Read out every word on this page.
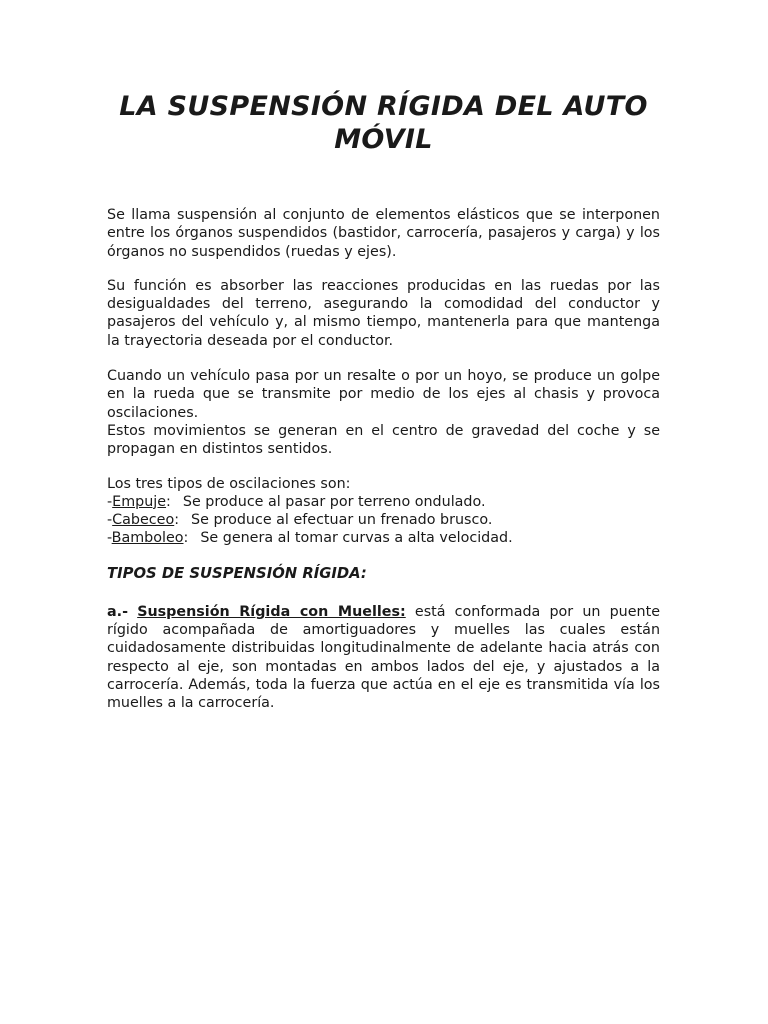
LA SUSPENSIÓN RÍGIDA DEL AUTO
MÓVIL

Se llama suspensión al conjunto de elementos elásticos que se interponen entre los órganos suspendidos (bastidor, carrocería, pasajeros y carga) y los órganos no suspendidos (ruedas y ejes).

Su función es absorber las reacciones producidas en las ruedas por las desigualdades del terreno, asegurando la comodidad del conductor y pasajeros del vehículo y, al mismo tiempo, mantenerla para que mantenga la trayectoria deseada por el conductor.

Cuando un vehículo pasa por un resalte o por un hoyo, se produce un golpe en la rueda que se transmite por medio de los ejes al chasis y provoca oscilaciones.
Estos movimientos se generan en el centro de gravedad del coche y se propagan en distintos sentidos.

Los tres tipos de oscilaciones son:
-Empuje: Se produce al pasar por terreno ondulado.
-Cabeceo: Se produce al efectuar un frenado brusco.
-Bamboleo: Se genera al tomar curvas a alta velocidad.
TIPOS DE SUSPENSIÓN RÍGIDA:

a.- Suspensión Rígida con Muelles: está conformada por un puente rígido acompañada de amortiguadores y muelles las cuales están cuidadosamente distribuidas longitudinalmente de adelante hacia atrás con respecto al eje, son montadas en ambos lados del eje, y ajustados a la carrocería. Además, toda la fuerza que actúa en el eje es transmitida vía los muelles a la carrocería.
